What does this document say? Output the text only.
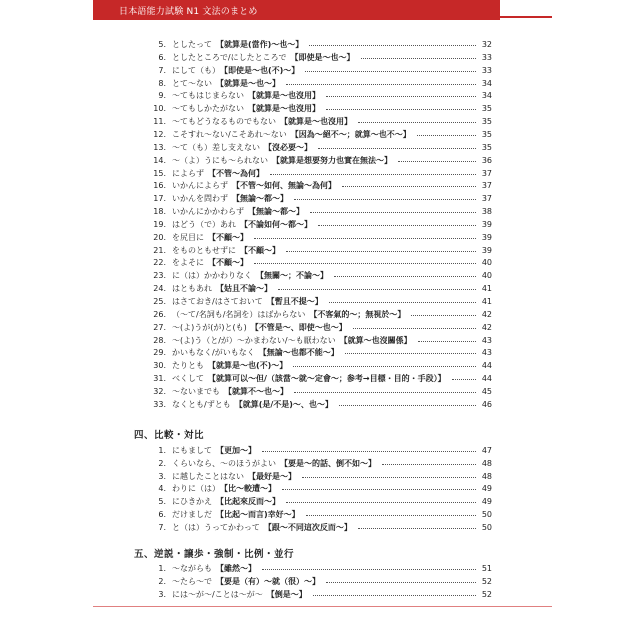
日本語能力試験 N1 文法のまとめ
5. としたって 【就算是(當作)～也～】	32
6. としたところで/にしたところで 【即使是～也～】	33
7. にして（も） 【即使是～也(不)～】	33
8. とて～ない 【就算是～也～】	34
9. ～てもはじまらない 【就算是～也沒用】	34
10. ～てもしかたがない 【就算是～也沒用】	35
11. ～てもどうなるものでもない 【就算是～也沒用】	35
12. こそすれ～ない/こそあれ～ない 【因為～絕不～；就算～也不～】	35
13. ～て（も）差し支えない 【沒必要～】	35
14. ～（よ）うにも～られない 【就算是想要努力也實在無法～】	36
15. によらず 【不管～為何】	37
16. いかんによらず 【不管～如何、無論～為何】	37
17. いかんを問わず 【無論～都～】	37
18. いかんにかかわらず 【無論～都～】	38
19. はどう（で）あれ 【不論如何～都～】	39
20. を尻目に 【不顧～】	39
21. をものともせずに 【不顧～】	39
22. をよそに 【不顧～】	40
23. に（は）かかわりなく 【無關～；不論～】	40
24. はともあれ 【姑且不論～】	41
25. はさておき/はさておいて 【暫且不提～】	41
26. （～て/名詞も/名詞を）はばからない 【不客氣的～；無視於～】	42
27. ～(よ)うが(が)と(も) 【不管是～、即使～也～】	42
28. ～(よ)う（と/が）～かまわない/～も厭わない 【就算～也沒關係】	43
29. かいもなく/がいもなく 【無論～也都不能～】	43
30. たりとも 【就算是～也(不)～】	44
31. べくして 【就算可以～但/（該當～就～定會～；参考→目標・目的・手段）】	44
32. ～ないまでも 【就算不～也～】	45
33. なくとも/ずとも 【就算(是/不是)～、也～】	46
四、比較・対比
1. にもまして 【更加～】	47
2. くらいなら、～のほうがよい 【要是～的話、倒不如～】	48
3. に越したことはない 【最好是～】	48
4. わりに（は） 【比～較遭～】	49
5. にひきかえ 【比起來反而～】	49
6. だけましだ 【比起～而言)幸好～】	50
7. と（は）うってかわって 【跟～不同這次反而～】	50
五、逆説・譲歩・強制・比例・並行
1. ～ながらも 【雖然～】	51
2. ～たら～で 【要是（有）～就（很）～】	52
3. には～が～/ことは～が～ 【倒是～】	52
